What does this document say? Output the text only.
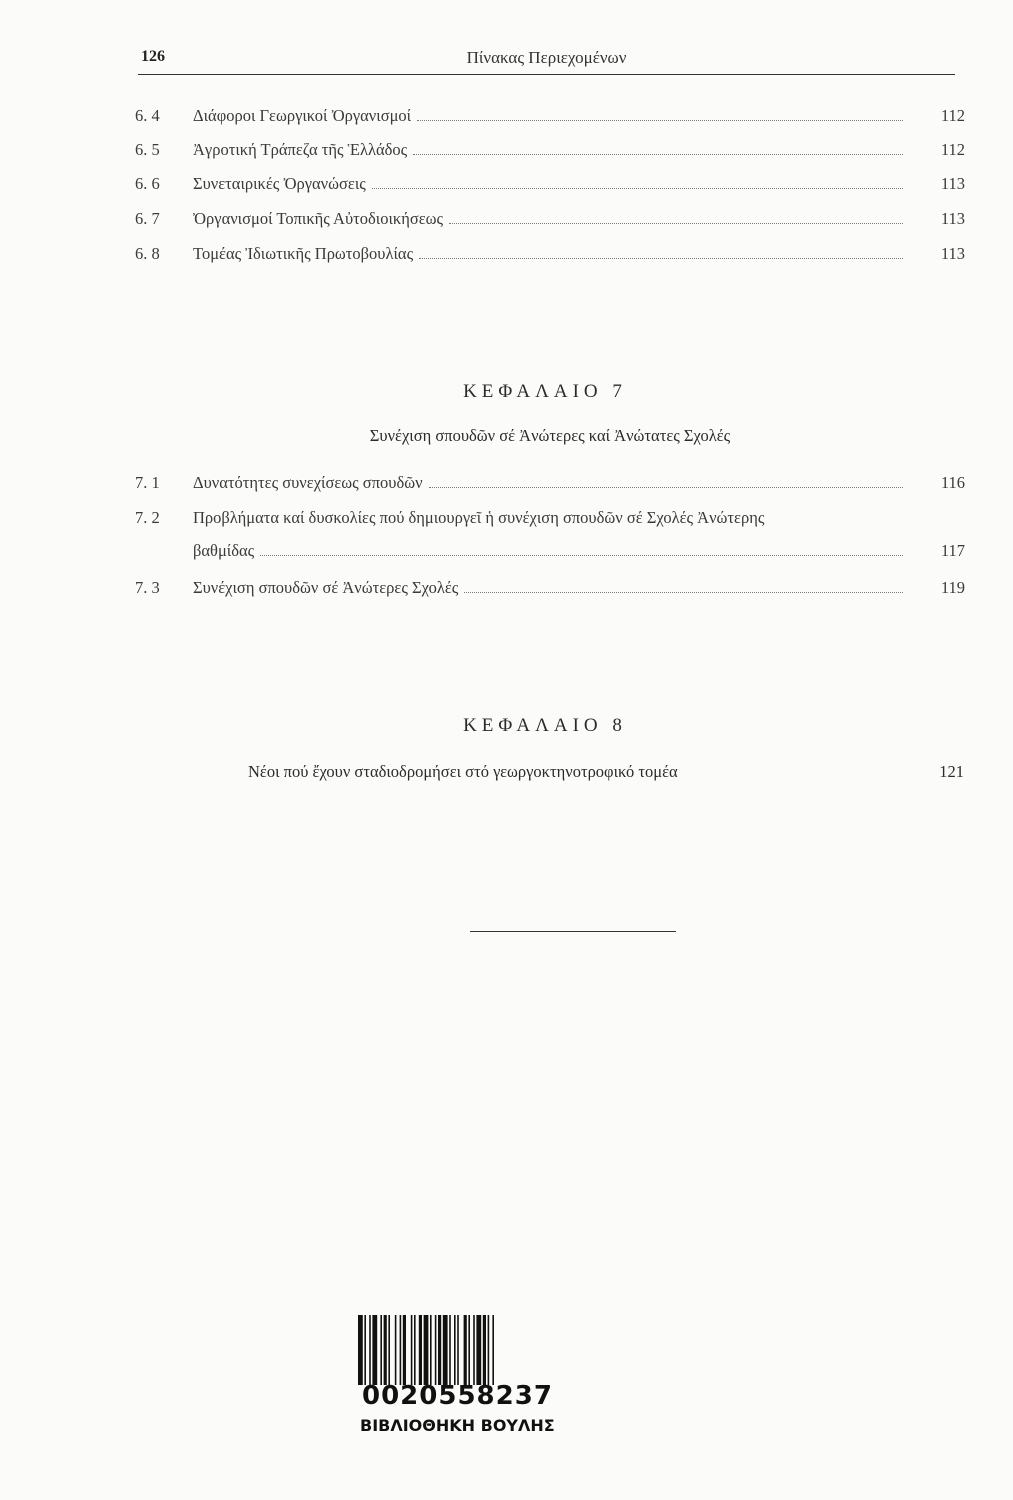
126	Πίνακας Περιεχομένων
6. 4	Διάφοροι Γεωργικοί Ὀργανισμοί	112
6. 5	Ἀγροτική Τράπεζα τῆς Ἑλλάδος	112
6. 6	Συνεταιρικές Ὀργανώσεις	113
6. 7	Ὀργανισμοί Τοπικῆς Αὐτοδιοικήσεως	113
6. 8	Τομέας Ἰδιωτικῆς Πρωτοβουλίας	113
ΚΕΦΑΛΑΙΟ 7
Συνέχιση σπουδῶν σέ Ἀνώτερες καί Ἀνώτατες Σχολές
7. 1	Δυνατότητες συνεχίσεως σπουδῶν	116
7. 2	Προβλήματα καί δυσκολίες πού δημιουργεῖ ἡ συνέχιση σπουδῶν σέ Σχολές Ἀνώτερης
βαθμίδας	117
7. 3	Συνέχιση σπουδῶν σέ Ἀνώτερες Σχολές	119
ΚΕΦΑΛΑΙΟ 8
Νέοι πού ἔχουν σταδιοδρομήσει στό γεωργοκτηνοτροφικό τομέα	121
0020558237
ΒΙΒΛΙΟΘΗΚΗ ΒΟΥΛΗΣ
